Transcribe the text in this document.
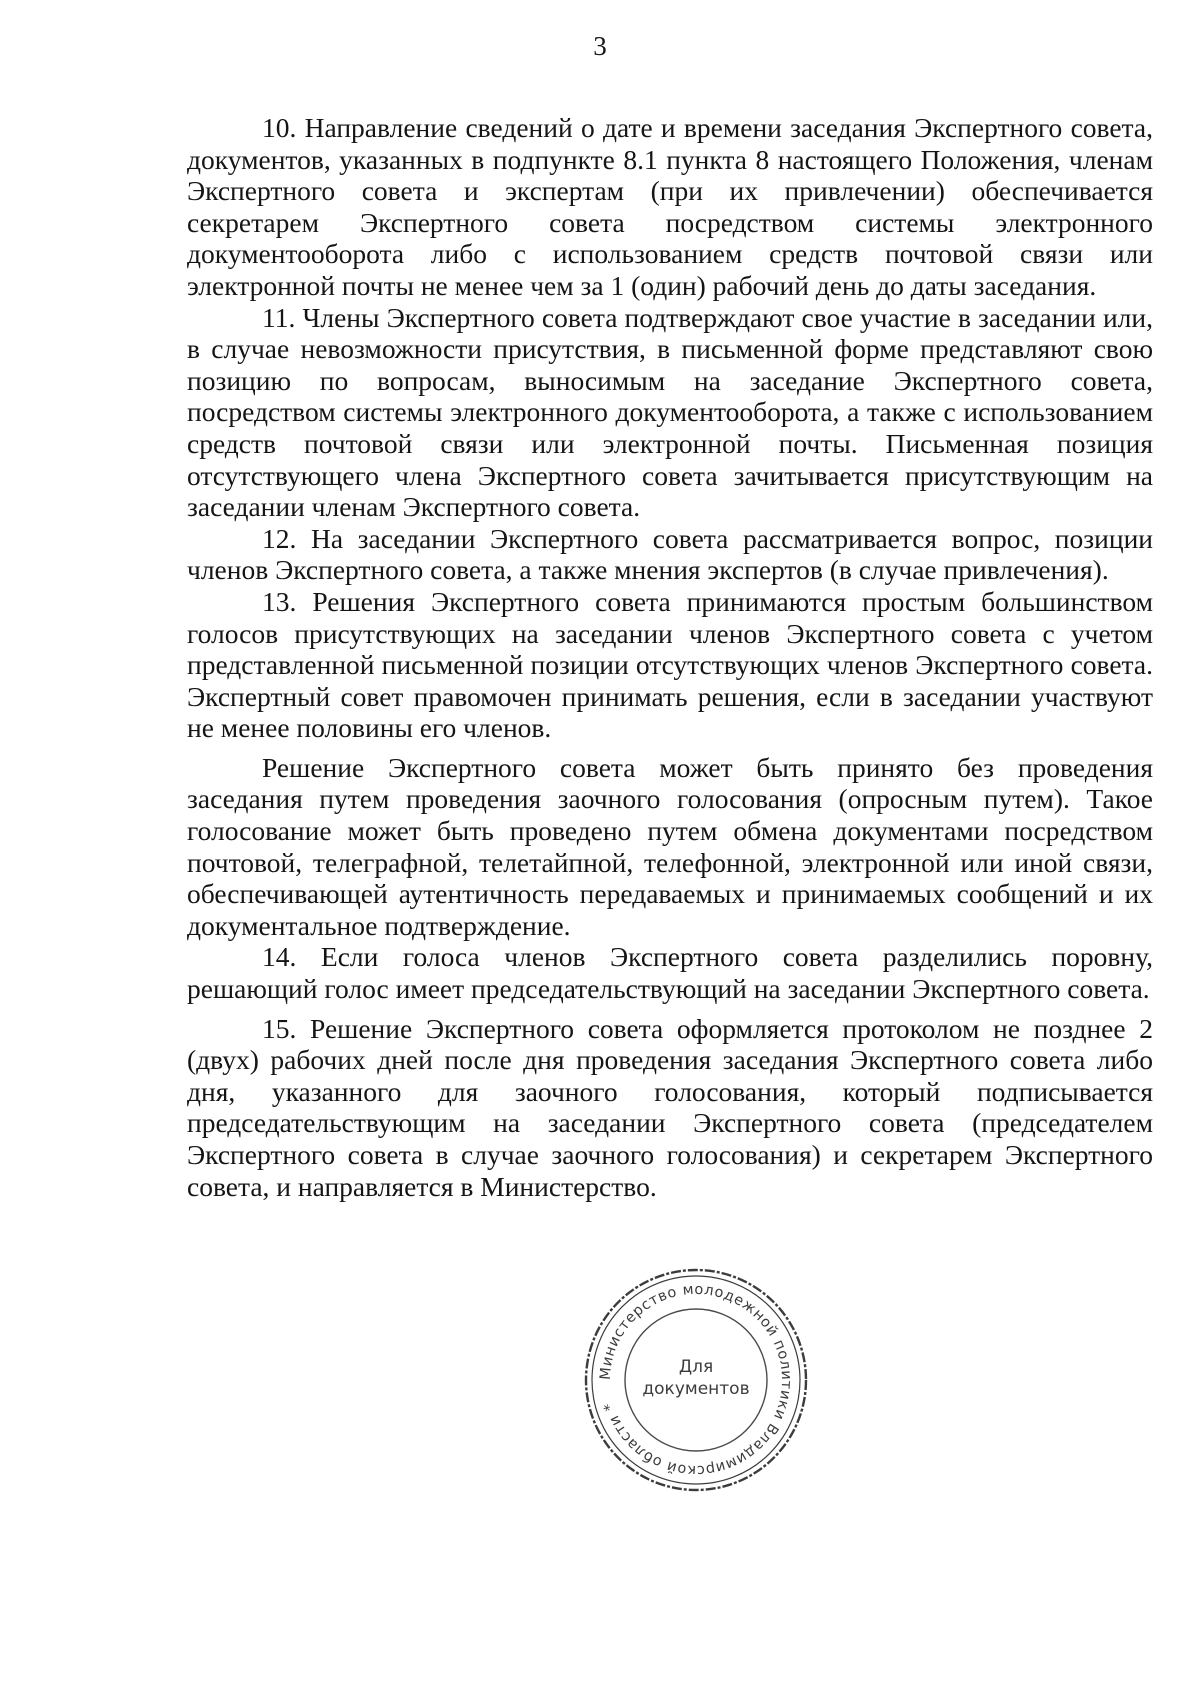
3

10. Направление сведений о дате и времени заседания Экспертного совета, документов, указанных в подпункте 8.1 пункта 8 настоящего Положения, членам Экспертного совета и экспертам (при их привлечении) обеспечивается секретарем Экспертного совета посредством системы электронного документооборота либо с использованием средств почтовой связи или электронной почты не менее чем за 1 (один) рабочий день до даты заседания.

11. Члены Экспертного совета подтверждают свое участие в заседании или, в случае невозможности присутствия, в письменной форме представляют свою позицию по вопросам, выносимым на заседание Экспертного совета, посредством системы электронного документооборота, а также с использованием средств почтовой связи или электронной почты. Письменная позиция отсутствующего члена Экспертного совета зачитывается присутствующим на заседании членам Экспертного совета.

12. На заседании Экспертного совета рассматривается вопрос, позиции членов Экспертного совета, а также мнения экспертов (в случае привлечения).

13. Решения Экспертного совета принимаются простым большинством голосов присутствующих на заседании членов Экспертного совета с учетом представленной письменной позиции отсутствующих членов Экспертного совета. Экспертный совет правомочен принимать решения, если в заседании участвуют не менее половины его членов.

Решение Экспертного совета может быть принято без проведения заседания путем проведения заочного голосования (опросным путем). Такое голосование может быть проведено путем обмена документами посредством почтовой, телеграфной, телетайпной, телефонной, электронной или иной связи, обеспечивающей аутентичность передаваемых и принимаемых сообщений и их документальное подтверждение.

14. Если голоса членов Экспертного совета разделились поровну, решающий голос имеет председательствующий на заседании Экспертного совета.

15. Решение Экспертного совета оформляется протоколом не позднее 2 (двух) рабочих дней после дня проведения заседания Экспертного совета либо дня, указанного для заочного голосования, который подписывается председательствующим на заседании Экспертного совета (председателем Экспертного совета в случае заочного голосования) и секретарем Экспертного совета, и направляется в Министерство.

Министерство молодежной политики Владимирской области *
Для
документов
